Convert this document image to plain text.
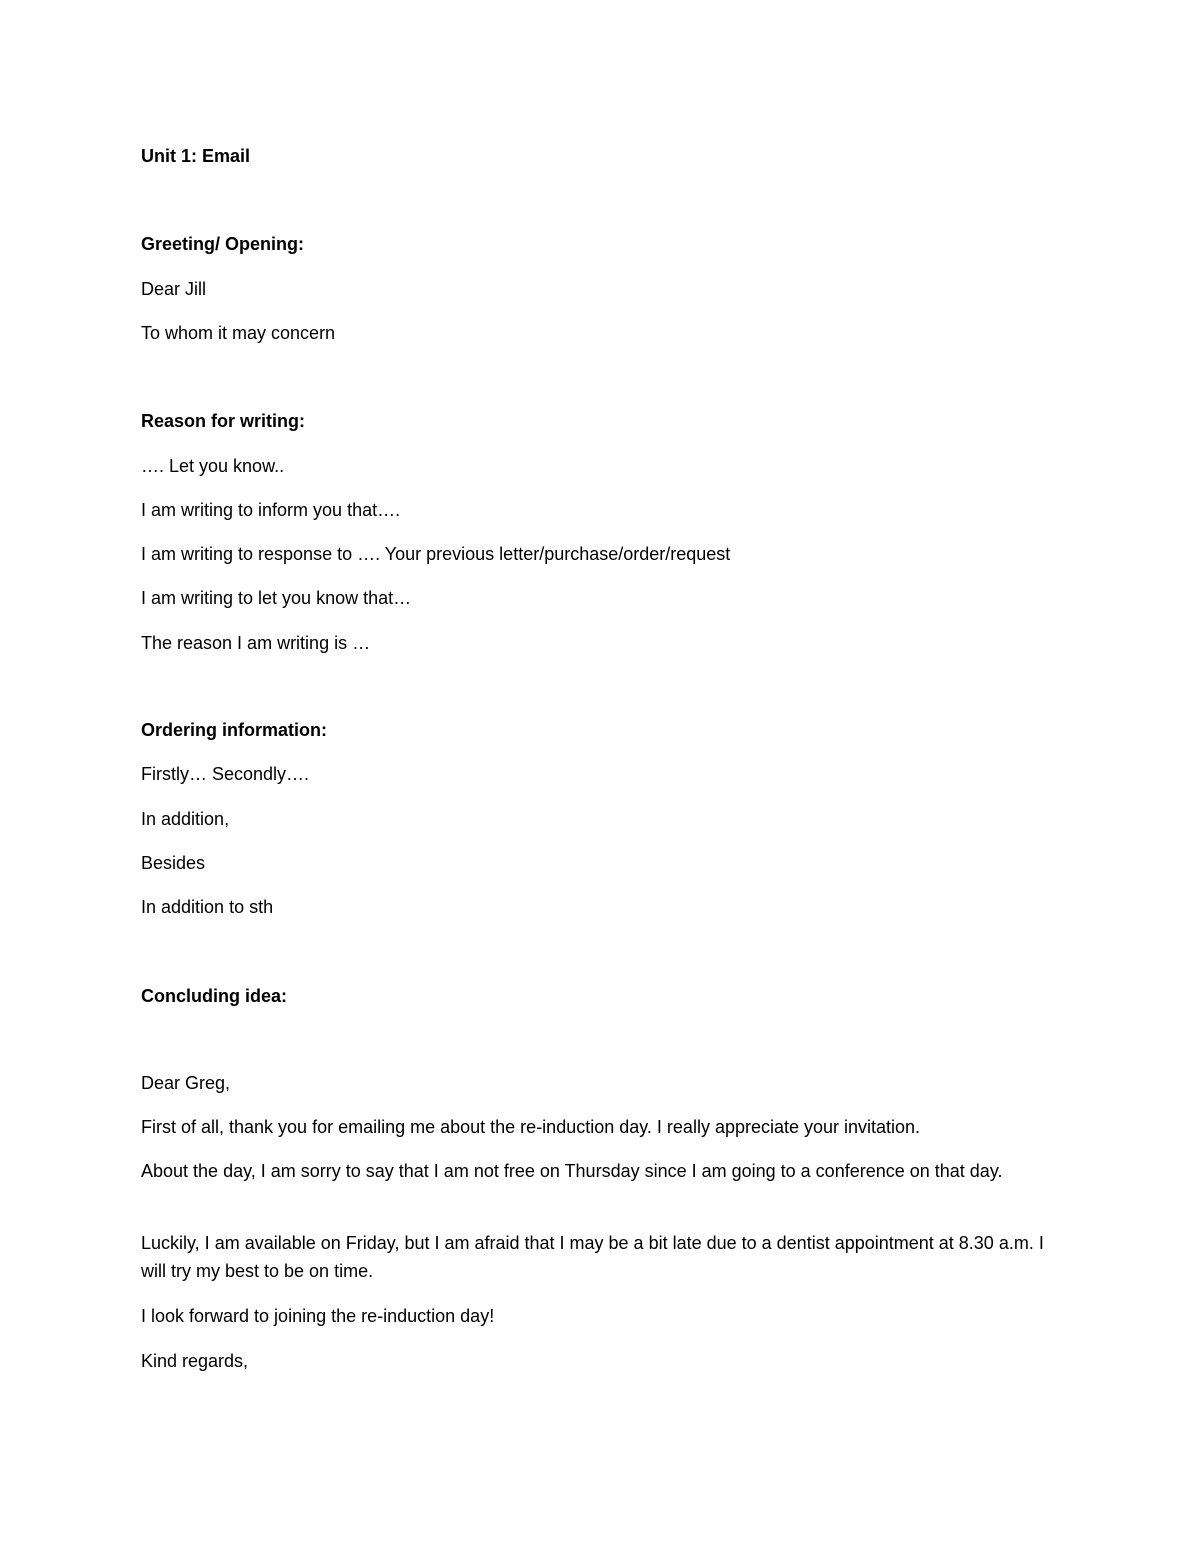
Unit 1: Email

Greeting/ Opening:

Dear Jill

To whom it may concern

Reason for writing:

…. Let you know..

I am writing to inform you that….

I am writing to response to …. Your previous letter/purchase/order/request

I am writing to let you know that…

The reason I am writing is …

Ordering information:

Firstly… Secondly….

In addition,

Besides

In addition to sth

Concluding idea:

Dear Greg,

First of all, thank you for emailing me about the re-induction day. I really appreciate your invitation.

About the day, I am sorry to say that I am not free on Thursday since I am going to a conference on that day.

Luckily, I am available on Friday, but I am afraid that I may be a bit late due to a dentist appointment at 8.30 a.m. I will try my best to be on time.

I look forward to joining the re-induction day!

Kind regards,
